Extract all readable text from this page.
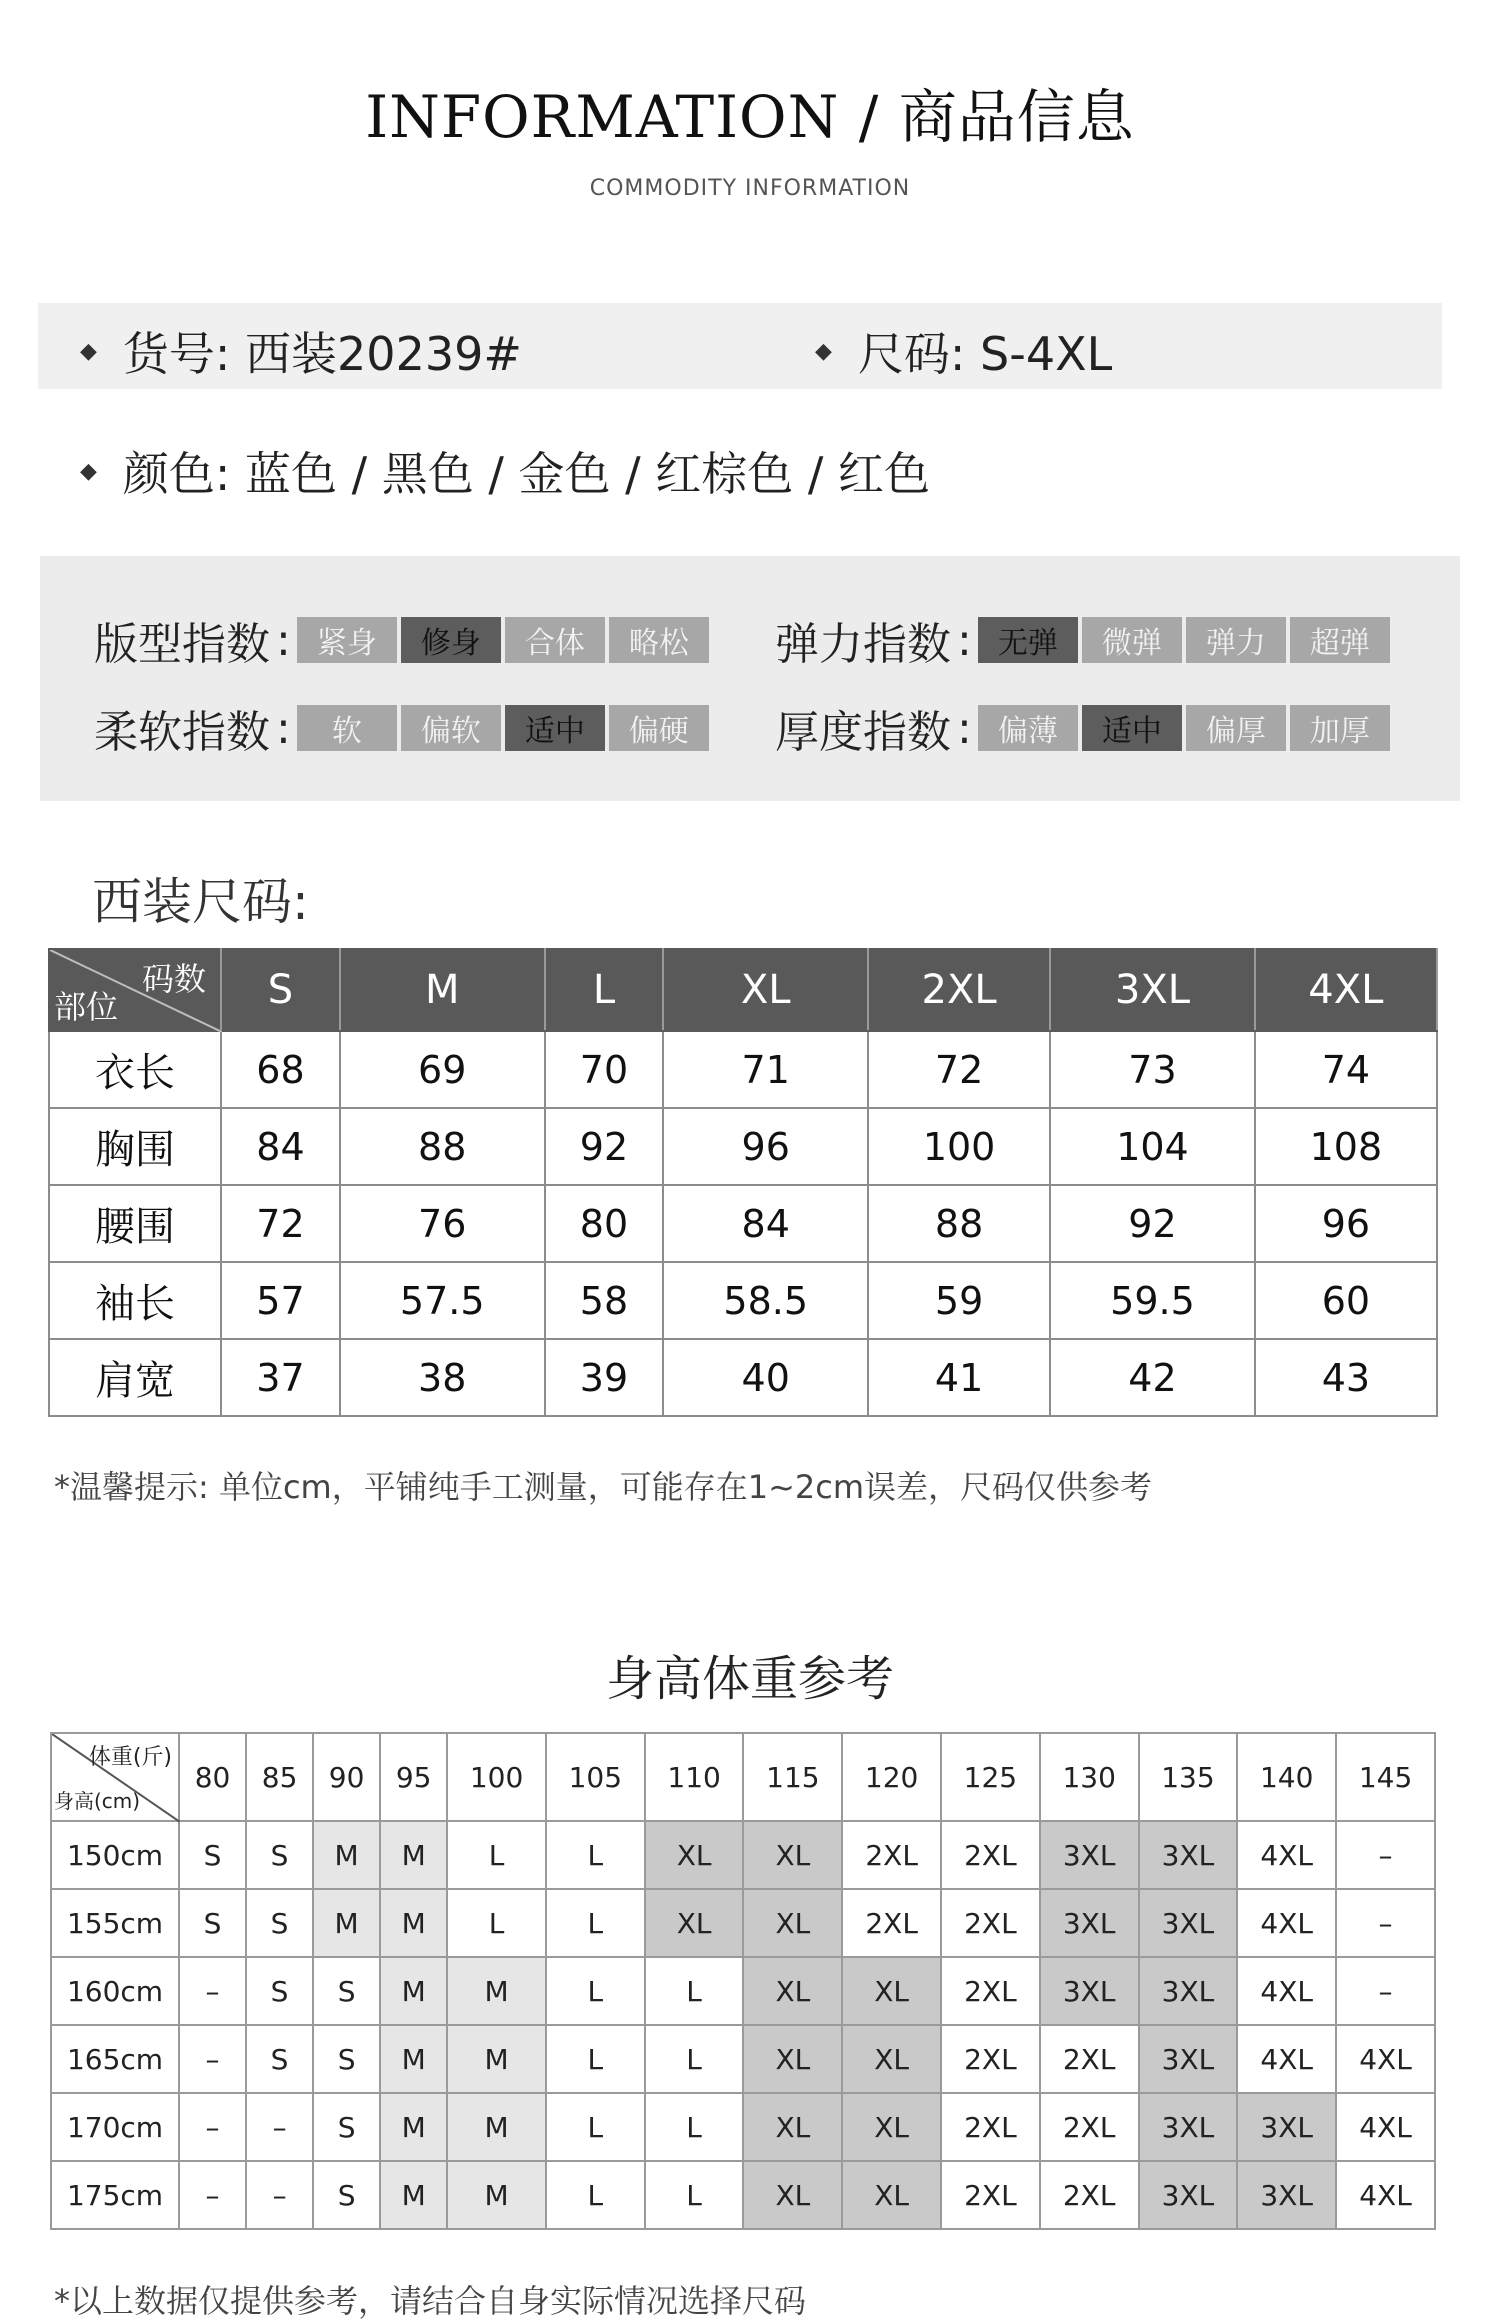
INFORMATION / 商品信息
COMMODITY INFORMATION
◆ 货号: 西装20239#	◆ 尺码: S-4XL
◆ 颜色: 蓝色 / 黑色 / 金色 / 红棕色 / 红色
版型指数 : 紧身	修身	合体	略松	弹力指数 : 无弹	微弹	弹力	超弹
柔软指数 :	软	偏软	适中	偏硬	厚度指数 : 偏薄	适中	偏厚	加厚
西装尺码:
码数
部位	S	M	L	XL	2XL	3XL	4XL
衣长	68	69	70	71	72	73	74
胸围	84	88	92	96	100	104	108
腰围	72	76	80	84	88	92	96
袖长	57	57.5	58	58.5	59	59.5	60
肩宽	37	38	39	40	41	42	43
*温馨提示: 单位cm，平铺纯手工测量，可能存在1~2cm误差，尺码仅供参考
身高体重参考
体重(斤)
身高(cm)	80	85	90	95	100	105	110	115	120	125	130	135	140	145
150cm	S	S	M	M	L	L	XL	XL	2XL	2XL	3XL	3XL	4XL	–
155cm	S	S	M	M	L	L	XL	XL	2XL	2XL	3XL	3XL	4XL	–
160cm	–	S	S	M	M	L	L	XL	XL	2XL	3XL	3XL	4XL	–
165cm	–	S	S	M	M	L	L	XL	XL	2XL	2XL	3XL	4XL	4XL
170cm	–	–	S	M	M	L	L	XL	XL	2XL	2XL	3XL	3XL	4XL
175cm	–	–	S	M	M	L	L	XL	XL	2XL	2XL	3XL	3XL	4XL
*以上数据仅提供参考，请结合自身实际情况选择尺码
